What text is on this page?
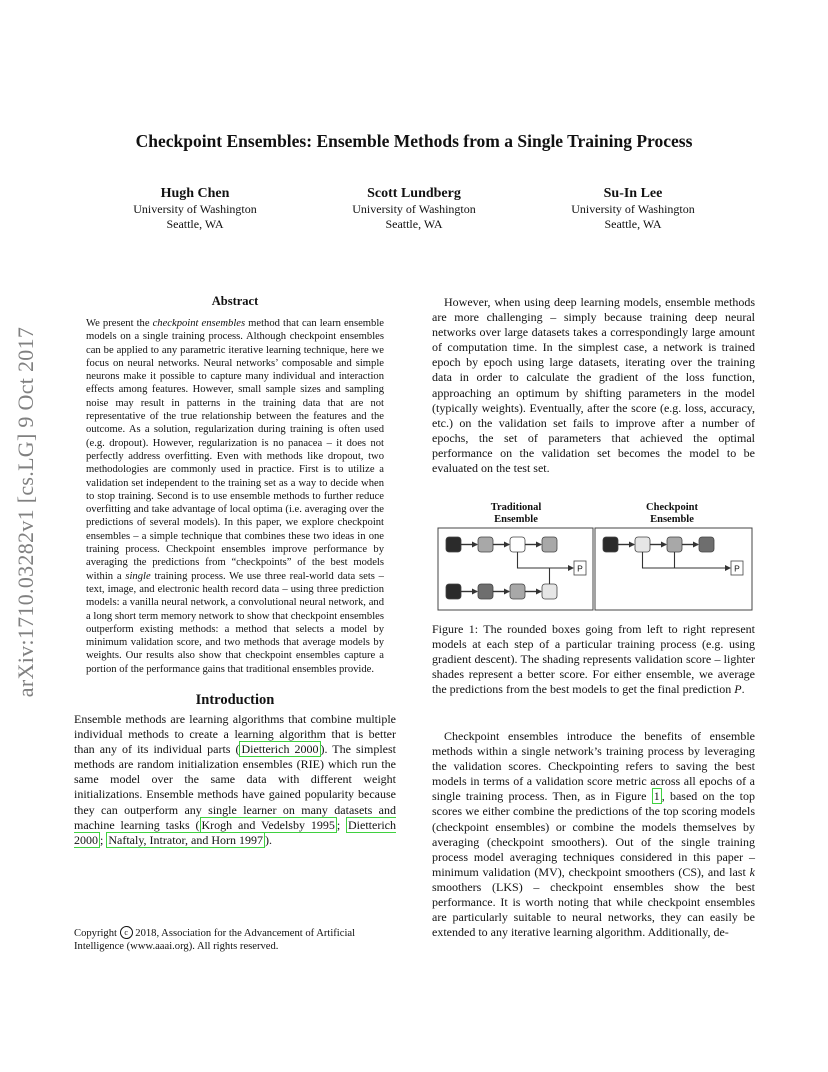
Checkpoint Ensembles: Ensemble Methods from a Single Training Process
Hugh Chen
University of Washington
Seattle, WA
Scott Lundberg
University of Washington
Seattle, WA
Su-In Lee
University of Washington
Seattle, WA
arXiv:1710.03282v1 [cs.LG] 9 Oct 2017
Abstract

We present the checkpoint ensembles method that can learn ensemble models on a single training process. Although checkpoint ensembles can be applied to any parametric iterative learning technique, here we focus on neural networks. Neural networks’ composable and simple neurons make it possible to capture many individual and interaction effects among features. However, small sample sizes and sampling noise may result in patterns in the training data that are not representative of the true relationship between the features and the outcome. As a solution, regularization during training is often used (e.g. dropout). However, regularization is no panacea – it does not perfectly address overfitting. Even with methods like dropout, two methodologies are commonly used in practice. First is to utilize a validation set independent to the training set as a way to decide when to stop training. Second is to use ensemble methods to further reduce overfitting and take advantage of local optima (i.e. averaging over the predictions of several models). In this paper, we explore checkpoint ensembles – a simple technique that combines these two ideas in one training process. Checkpoint ensembles improve performance by averaging the predictions from “checkpoints” of the best models within a single training process. We use three real-world data sets – text, image, and electronic health record data – using three prediction models: a vanilla neural network, a convolutional neural network, and a long short term memory network to show that checkpoint ensembles outperform existing methods: a method that selects a model by minimum validation score, and two methods that average models by weights. Our results also show that checkpoint ensembles capture a portion of the performance gains that traditional ensembles provide.

Introduction

Ensemble methods are learning algorithms that combine multiple individual methods to create a learning algorithm that is better than any of its individual parts ( Dietterich 2000 ). The simplest methods are random initialization ensembles (RIE) which run the same model over the same data with different weight initializations. Ensemble methods have gained popularity because they can outperform any single learner on many datasets and machine learning tasks ( Krogh and Vedelsby 1995 ; Dietterich 2000 ; Naftaly, Intrator, and Horn 1997 ).

Copyright c 2018, Association for the Advancement of Artificial Intelligence (www.aaai.org). All rights reserved.

However, when using deep learning models, ensemble methods are more challenging – simply because training deep neural networks over large datasets takes a correspondingly large amount of computation time. In the simplest case, a network is trained epoch by epoch using large datasets, iterating over the training data in order to calculate the gradient of the loss function, approaching an optimum by shifting parameters in the model (typically weights). Eventually, after the score (e.g. loss, accuracy, etc.) on the validation set fails to improve after a number of epochs, the set of parameters that achieved the optimal performance on the validation set becomes the model to be evaluated on the test set.

Traditional
Ensemble
Checkpoint
Ensemble
P	P

Figure 1: The rounded boxes going from left to right represent models at each step of a particular training process (e.g. using gradient descent). The shading represents validation score – lighter shades represent a better score. For either ensemble, we average the predictions from the best models to get the final prediction P.

Checkpoint ensembles introduce the benefits of ensemble methods within a single network’s training process by leveraging the validation scores. Checkpointing refers to saving the best models in terms of a validation score metric across all epochs of a single training process. Then, as in Figure 1 , based on the top scores we either combine the predictions of the top scoring models (checkpoint ensembles) or combine the models themselves by averaging (checkpoint smoothers). Out of the single training process model averaging techniques considered in this paper – minimum validation (MV), checkpoint smoothers (CS), and last k smoothers (LKS) – checkpoint ensembles show the best performance. It is worth noting that while checkpoint ensembles are particularly suitable to neural networks, they can easily be extended to any iterative learning algorithm. Additionally, de-
